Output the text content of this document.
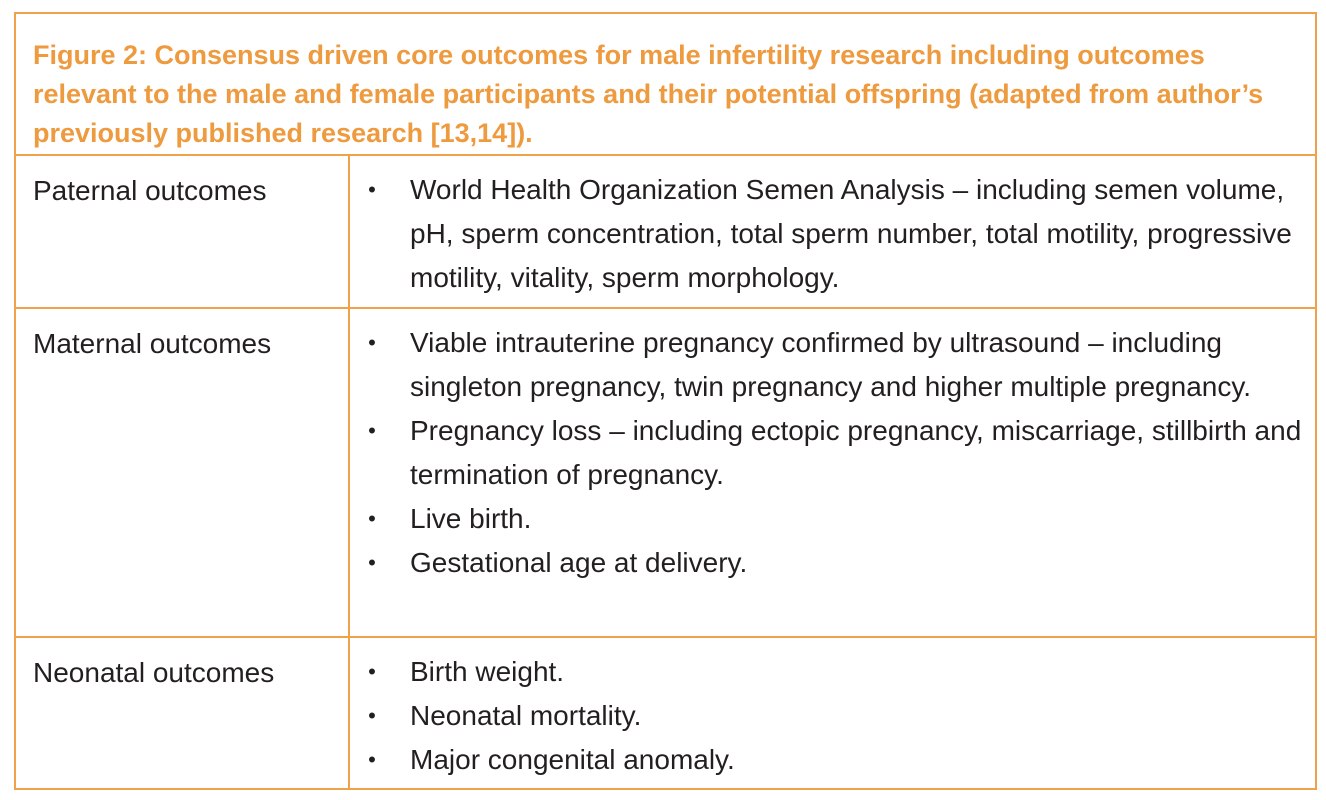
Figure 2: Consensus driven core outcomes for male infertility research including outcomes relevant to the male and female participants and their potential offspring (adapted from author’s previously published research [13,14]).
Paternal outcomes	• World Health Organization Semen Analysis – including semen volume, pH, sperm concentration, total sperm number, total motility, progressive motility, vitality, sperm morphology.
Maternal outcomes	• Viable intrauterine pregnancy confirmed by ultrasound – including singleton pregnancy, twin pregnancy and higher multiple pregnancy.
• Pregnancy loss – including ectopic pregnancy, miscarriage, stillbirth and termination of pregnancy.
• Live birth.
• Gestational age at delivery.
Neonatal outcomes	• Birth weight.
• Neonatal mortality.
• Major congenital anomaly.
